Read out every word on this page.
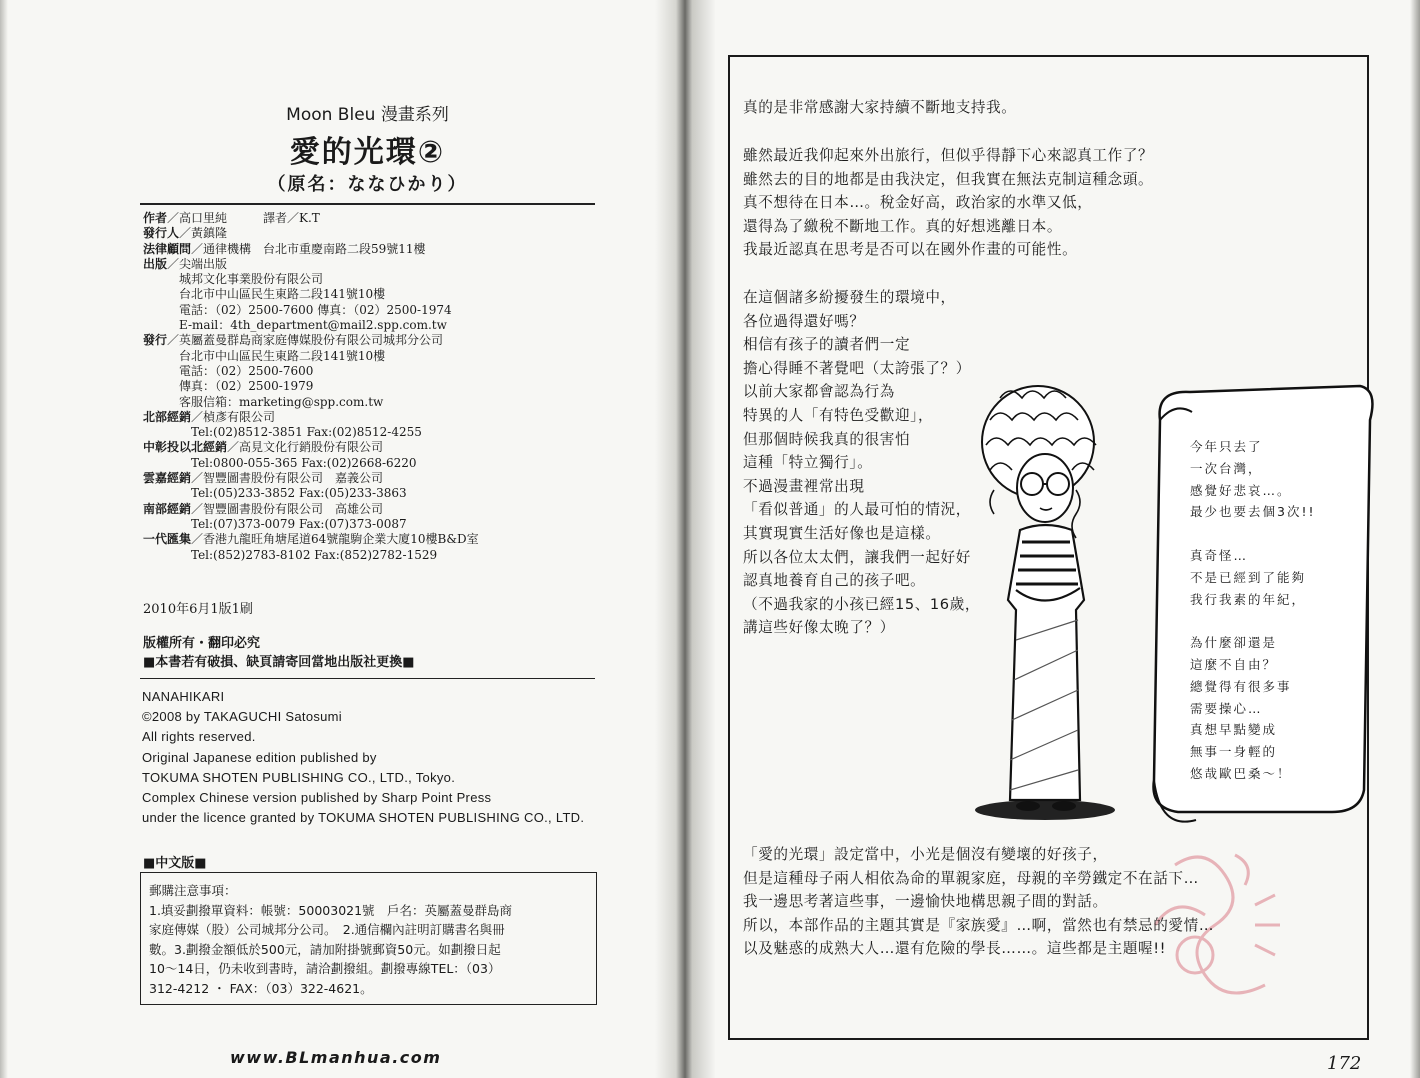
Moon Bleu 漫畫系列
愛的光環②
（原名：ななひかり）
作者／高口里純　　　譯者／K.T
發行人／黃鎮隆
法律顧問／通律機構　台北市重慶南路二段59號11樓
出版／尖端出版
　　　城邦文化事業股份有限公司
　　　台北市中山區民生東路二段141號10樓
　　　電話：（02）2500-7600 傳真：（02）2500-1974
　　　E-mail：4th_department@mail2.spp.com.tw
發行／英屬蓋曼群島商家庭傳媒股份有限公司城邦分公司
　　　台北市中山區民生東路二段141號10樓
　　　電話：（02）2500-7600
　　　傳真：（02）2500-1979
　　　客服信箱：marketing@spp.com.tw
北部經銷／楨彥有限公司
　　　　Tel:(02)8512-3851 Fax:(02)8512-4255
中彰投以北經銷／高見文化行銷股份有限公司
　　　　Tel:0800-055-365 Fax:(02)2668-6220
雲嘉經銷／智豐圖書股份有限公司　嘉義公司
　　　　Tel:(05)233-3852 Fax:(05)233-3863
南部經銷／智豐圖書股份有限公司　高雄公司
　　　　Tel:(07)373-0079 Fax:(07)373-0087
一代匯集／香港九龍旺角塘尾道64號龍駒企業大廈10樓B&D室
　　　　Tel:(852)2783-8102 Fax:(852)2782-1529
2010年6月1版1刷
版權所有・翻印必究
■本書若有破損、缺頁請寄回當地出版社更換■
NANAHIKARI
©2008 by TAKAGUCHI Satosumi
All rights reserved.
Original Japanese edition published by
TOKUMA SHOTEN PUBLISHING CO., LTD., Tokyo.
Complex Chinese version published by Sharp Point Press
under the licence granted by TOKUMA SHOTEN PUBLISHING CO., LTD.
■中文版■
郵購注意事項：
1.填妥劃撥單資料：帳號：50003021號　戶名：英屬蓋曼群島商
家庭傳媒（股）公司城邦分公司。　2.通信欄內註明訂購書名與冊
數。3.劃撥金額低於500元，請加附掛號郵資50元。如劃撥日起
10～14日，仍未收到書時，請洽劃撥組。劃撥專線TEL：（03）
312-4212 ・ FAX：（03）322-4621。
www.BLmanhua.com
真的是非常感謝大家持續不斷地支持我。
雖然最近我仰起來外出旅行，但似乎得靜下心來認真工作了？
雖然去的目的地都是由我決定，但我實在無法克制這種念頭。
真不想待在日本…。稅金好高，政治家的水準又低，
還得為了繳稅不斷地工作。真的好想逃離日本。
我最近認真在思考是否可以在國外作畫的可能性。
在這個諸多紛擾發生的環境中，
各位過得還好嗎？
相信有孩子的讀者們一定
擔心得睡不著覺吧（太誇張了？）
以前大家都會認為行為
特異的人「有特色受歡迎」，
但那個時候我真的很害怕
這種「特立獨行」。
不過漫畫裡常出現
「看似普通」的人最可怕的情況，
其實現實生活好像也是這樣。
所以各位太太們，讓我們一起好好
認真地養育自己的孩子吧。
（不過我家的小孩已經15、16歲，
講這些好像太晚了？）
今年只去了
一次台灣，
感覺好悲哀…。
最少也要去個3次!!

真奇怪…
不是已經到了能夠
我行我素的年紀，

為什麼卻還是
這麼不自由？
總覺得有很多事
需要操心…
真想早點變成
無事一身輕的
悠哉歐巴桑～！
「愛的光環」設定當中，小光是個沒有變壞的好孩子，
但是這種母子兩人相依為命的單親家庭，母親的辛勞鐵定不在話下…
我一邊思考著這些事，一邊愉快地構思親子間的對話。
所以，本部作品的主題其實是『家族愛』…啊，當然也有禁忌的愛情…
以及魅惑的成熟大人…還有危險的學長……。這些都是主題喔!!
172
